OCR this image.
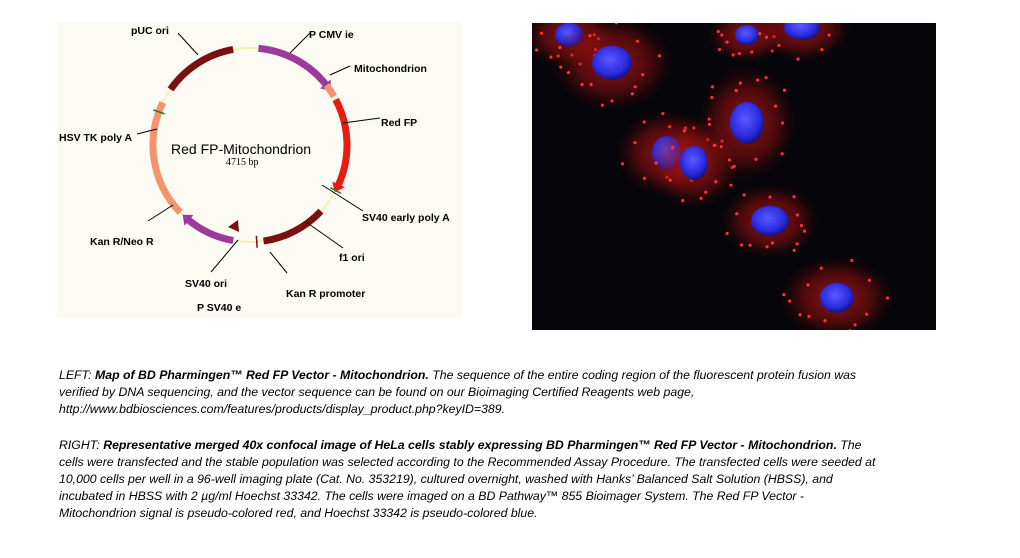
pUC ori	P CMV ie
Mitochondrion
Red FP
HSV TK poly A
SV40 early poly A
Kan R/Neo R
f1 ori
SV40 ori
Kan R promoter
P SV40 e
Red FP-Mitochondrion
4715 bp

LEFT: Map of BD Pharmingen™ Red FP Vector - Mitochondrion. The sequence of the entire coding region of the fluorescent protein fusion was verified by DNA sequencing, and the vector sequence can be found on our Bioimaging Certified Reagents web page, http://www.bdbiosciences.com/features/products/display_product.php?keyID=389.

RIGHT: Representative merged 40x confocal image of HeLa cells stably expressing BD Pharmingen™ Red FP Vector - Mitochondrion. The cells were transfected and the stable population was selected according to the Recommended Assay Procedure. The transfected cells were seeded at 10,000 cells per well in a 96-well imaging plate (Cat. No. 353219), cultured overnight, washed with Hanks’ Balanced Salt Solution (HBSS), and incubated in HBSS with 2 µg/ml Hoechst 33342. The cells were imaged on a BD Pathway™ 855 Bioimager System. The Red FP Vector - Mitochondrion signal is pseudo-colored red, and Hoechst 33342 is pseudo-colored blue.
